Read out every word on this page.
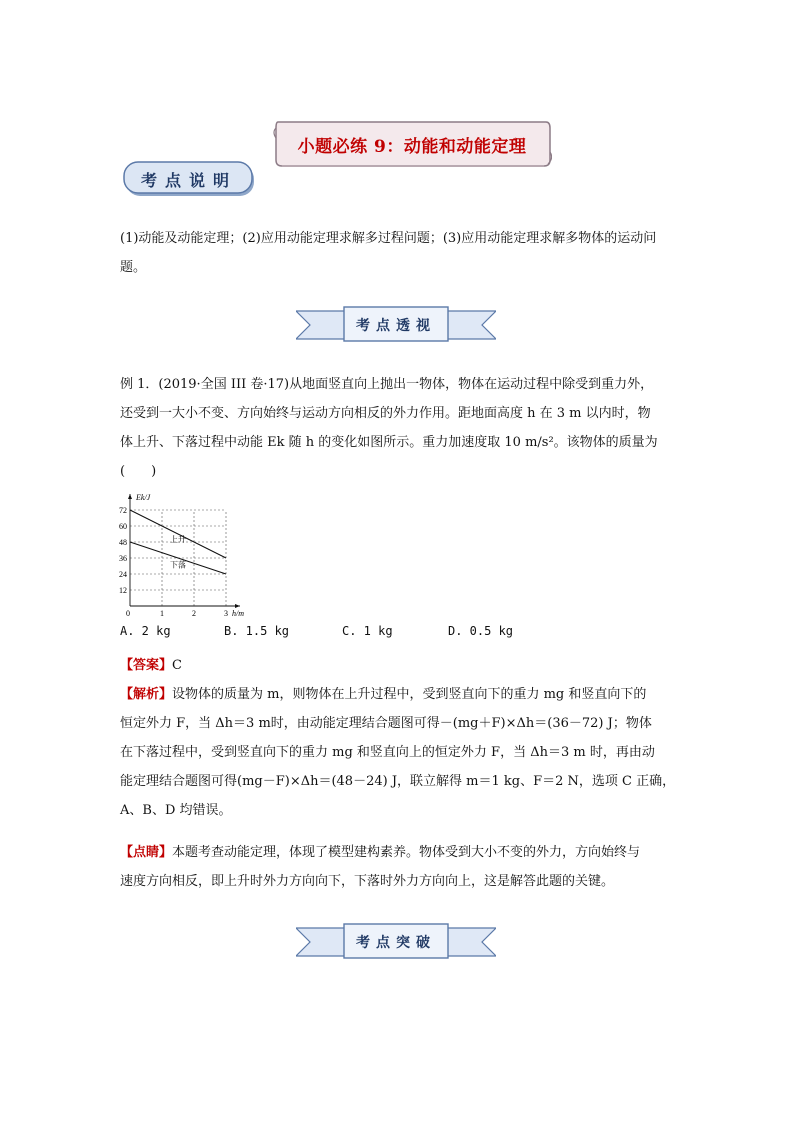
小题必练 9：动能和动能定理
考点说明
(1)动能及动能定理；(2)应用动能定理求解多过程问题；(3)应用动能定理求解多物体的运动问
题。
考点透视
例 1．(2019·全国 III 卷·17)从地面竖直向上抛出一物体，物体在运动过程中除受到重力外，
还受到一大小不变、方向始终与运动方向相反的外力作用。距地面高度 h 在 3 m 以内时，物
体上升、下落过程中动能 Ek 随 h 的变化如图所示。重力加速度取 10 m/s²。该物体的质量为
(　　)
0	1	2	3
12
24
36
48
60
72
Ek/J
h/m
上升
下落
A. 2 kg	B. 1.5 kg	C. 1 kg	D. 0.5 kg
【答案】C
【解析】设物体的质量为 m，则物体在上升过程中，受到竖直向下的重力 mg 和竖直向下的
恒定外力 F，当 Δh＝3 m时，由动能定理结合题图可得－(mg＋F)×Δh＝(36－72) J；物体
在下落过程中，受到竖直向下的重力 mg 和竖直向上的恒定外力 F，当 Δh＝3 m 时，再由动
能定理结合题图可得(mg－F)×Δh＝(48－24) J，联立解得 m＝1 kg、F＝2 N，选项 C 正确，
A、B、D 均错误。
【点睛】本题考查动能定理，体现了模型建构素养。物体受到大小不变的外力，方向始终与
速度方向相反，即上升时外力方向向下，下落时外力方向向上，这是解答此题的关键。
考点突破
